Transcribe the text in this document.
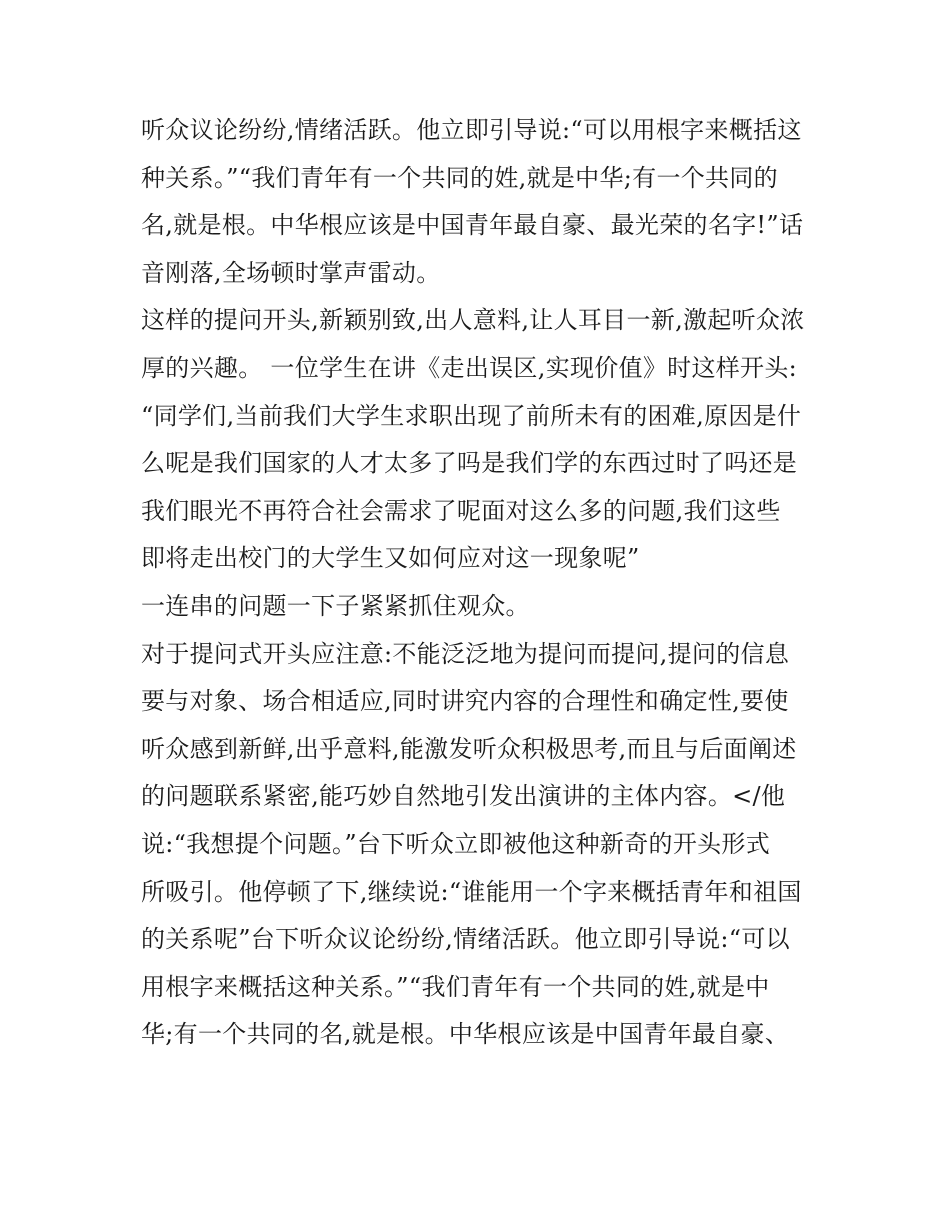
听众议论纷纷,情绪活跃。他立即引导说:“可以用根字来概括这
种关系。”“我们青年有一个共同的姓,就是中华;有一个共同的
名,就是根。中华根应该是中国青年最自豪、最光荣的名字!”话
音刚落,全场顿时掌声雷动。
这样的提问开头,新颖别致,出人意料,让人耳目一新,激起听众浓
厚的兴趣。 一位学生在讲《走出误区,实现价值》时这样开头:
“同学们,当前我们大学生求职出现了前所未有的困难,原因是什
么呢是我们国家的人才太多了吗是我们学的东西过时了吗还是
我们眼光不再符合社会需求了呢面对这么多的问题,我们这些
即将走出校门的大学生又如何应对这一现象呢”
一连串的问题一下子紧紧抓住观众。
对于提问式开头应注意:不能泛泛地为提问而提问,提问的信息
要与对象、场合相适应,同时讲究内容的合理性和确定性,要使
听众感到新鲜,出乎意料,能激发听众积极思考,而且与后面阐述
的问题联系紧密,能巧妙自然地引发出演讲的主体内容。</他
说:“我想提个问题。”台下听众立即被他这种新奇的开头形式
所吸引。他停顿了下,继续说:“谁能用一个字来概括青年和祖国
的关系呢”台下听众议论纷纷,情绪活跃。他立即引导说:“可以
用根字来概括这种关系。”“我们青年有一个共同的姓,就是中
华;有一个共同的名,就是根。中华根应该是中国青年最自豪、
